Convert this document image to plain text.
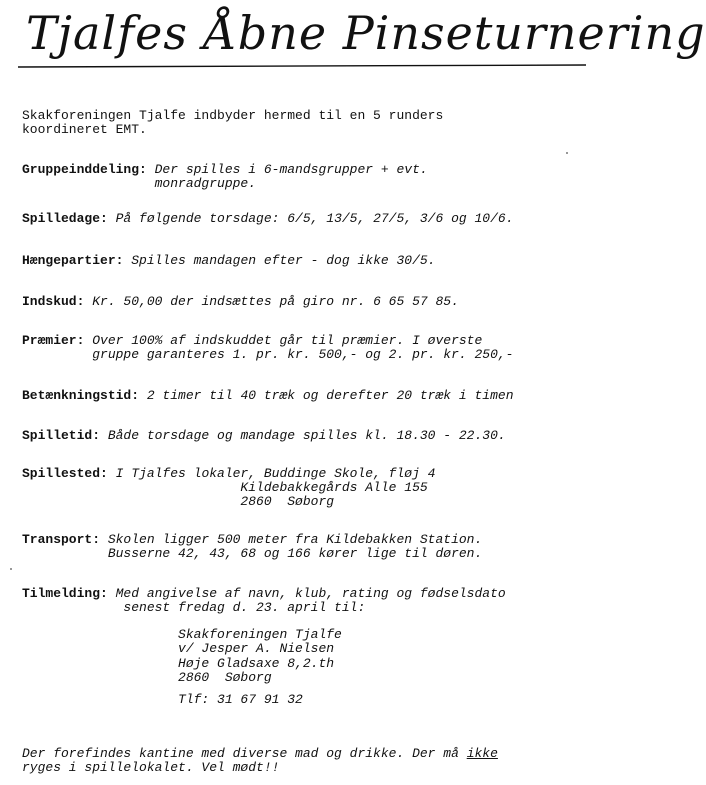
Tjalfes Åbne Pinseturnering
Skakforeningen Tjalfe indbyder hermed til en 5 runders
koordineret EMT.
Gruppeinddeling: Der spilles i 6-mandsgrupper + evt.
monradgruppe.
Spilledage: På følgende torsdage: 6/5, 13/5, 27/5, 3/6 og 10/6.
Hængepartier: Spilles mandagen efter - dog ikke 30/5.
Indskud: Kr. 50,00 der indsættes på giro nr. 6 65 57 85.
Præmier: Over 100% af indskuddet går til præmier. I øverste
gruppe garanteres 1. pr. kr. 500,- og 2. pr. kr. 250,-
Betænkningstid: 2 timer til 40 træk og derefter 20 træk i timen
Spilletid: Både torsdage og mandage spilles kl. 18.30 - 22.30.
Spillested: I Tjalfes lokaler, Buddinge Skole, fløj 4
Kildebakkegårds Alle 155
2860  Søborg
Transport: Skolen ligger 500 meter fra Kildebakken Station.
Busserne 42, 43, 68 og 166 kører lige til døren.
Tilmelding: Med angivelse af navn, klub, rating og fødselsdato
senest fredag d. 23. april til:
Skakforeningen Tjalfe
v/ Jesper A. Nielsen
Høje Gladsaxe 8,2.th
2860  Søborg
Tlf: 31 67 91 32
Der forefindes kantine med diverse mad og drikke. Der må ikke
ryges i spillelokalet. Vel mødt!!
